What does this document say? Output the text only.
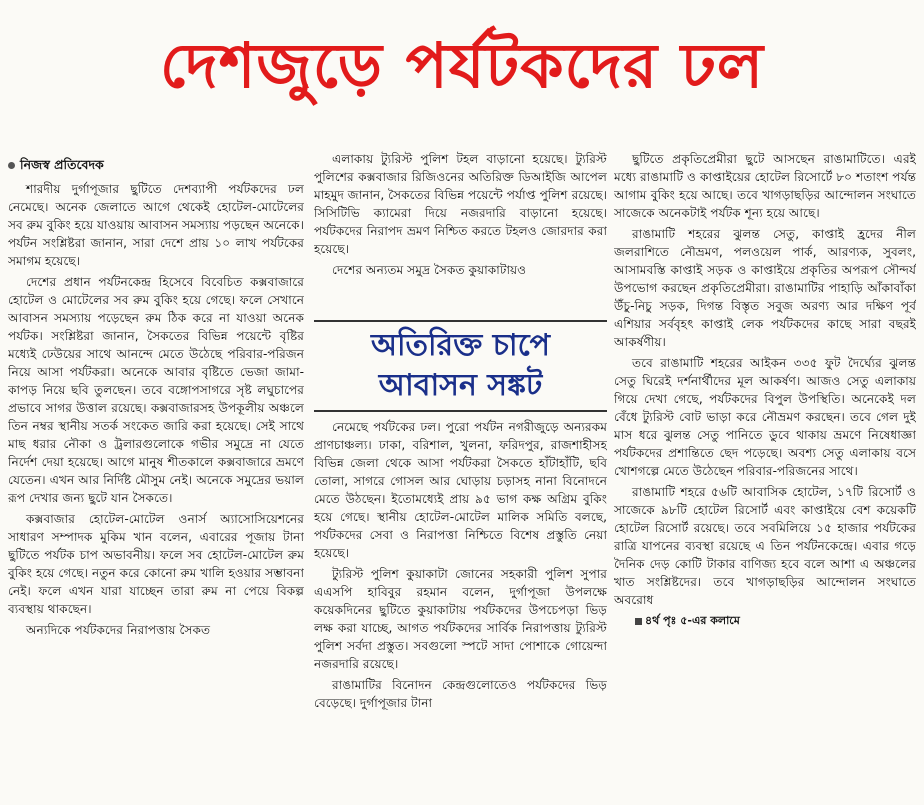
দেশজুড়ে পর্যটকদের ঢল
নিজস্ব প্রতিবেদক

শারদীয় দুর্গাপূজার ছুটিতে দেশব্যাপী পর্যটকদের ঢল নেমেছে। অনেক জেলাতে আগে থেকেই হোটেল-মোটেলের সব রুম বুকিং হয়ে যাওয়ায় আবাসন সমস্যায় পড়ছেন অনেকে। পর্যটন সংশ্লিষ্টরা জানান, সারা দেশে প্রায় ১০ লাখ পর্যটকের সমাগম হয়েছে।

দেশের প্রধান পর্যটনকেন্দ্র হিসেবে বিবেচিত কক্সবাজারে হোটেল ও মোটেলের সব রুম বুকিং হয়ে গেছে। ফলে সেখানে আবাসন সমস্যায় পড়েছেন রুম ঠিক করে না যাওয়া অনেক পর্যটক। সংশ্লিষ্টরা জানান, সৈকতের বিভিন্ন পয়েন্টে বৃষ্টির মধ্যেই ঢেউয়ের সাথে আনন্দে মেতে উঠেছে পরিবার-পরিজন নিয়ে আসা পর্যটকরা। অনেকে আবার বৃষ্টিতে ভেজা জামা-কাপড় নিয়ে ছবি তুলছেন। তবে বঙ্গোপসাগরে সৃষ্ট লঘুচাপের প্রভাবে সাগর উত্তাল রয়েছে। কক্সবাজারসহ উপকূলীয় অঞ্চলে তিন নম্বর স্থানীয় সতর্ক সংকেত জারি করা হয়েছে। সেই সাথে মাছ ধরার নৌকা ও ট্রলারগুলোকে গভীর সমুদ্রে না যেতে নির্দেশ দেয়া হয়েছে। আগে মানুষ শীতকালে কক্সবাজারে ভ্রমণে যেতেন। এখন আর নির্দিষ্ট মৌসুম নেই। অনেকে সমুদ্রের ভয়াল রূপ দেখার জন্য ছুটে যান সৈকতে।

কক্সবাজার হোটেল-মোটেল ওনার্স অ্যাসোসিয়েশনের সাধারণ সম্পাদক মুকিম খান বলেন, এবারের পূজায় টানা ছুটিতে পর্যটক চাপ অভাবনীয়। ফলে সব হোটেল-মোটেল রুম বুকিং হয়ে গেছে। নতুন করে কোনো রুম খালি হওয়ার সম্ভাবনা নেই। ফলে এখন যারা যাচ্ছেন তারা রুম না পেয়ে বিকল্প ব্যবস্থায় থাকছেন।

অন্যদিকে পর্যটকদের নিরাপত্তায় সৈকত

এলাকায় ট্যুরিস্ট পুলিশ টহল বাড়ানো হয়েছে। ট্যুরিস্ট পুলিশের কক্সবাজার রিজিওনের অতিরিক্ত ডিআইজি আপেল মাহমুদ জানান, সৈকতের বিভিন্ন পয়েন্টে পর্যাপ্ত পুলিশ রয়েছে। সিসিটিভি ক্যামেরা দিয়ে নজরদারি বাড়ানো হয়েছে। পর্যটকদের নিরাপদ ভ্রমণ নিশ্চিত করতে টহলও জোরদার করা হয়েছে।

দেশের অন্যতম সমুদ্র সৈকত কুয়াকাটায়ও

অতিরিক্ত চাপে
আবাসন সঙ্কট

নেমেছে পর্যটকের ঢল। পুরো পর্যটন নগরীজুড়ে অন্যরকম প্রাণচাঞ্চল্য। ঢাকা, বরিশাল, খুলনা, ফরিদপুর, রাজশাহীসহ বিভিন্ন জেলা থেকে আসা পর্যটকরা সৈকতে হাঁটাহাঁটি, ছবি তোলা, সাগরে গোসল আর ঘোড়ায় চড়াসহ নানা বিনোদনে মেতে উঠছেন। ইতোমধ্যেই প্রায় ৯৫ ভাগ কক্ষ অগ্রিম বুকিং হয়ে গেছে। স্থানীয় হোটেল-মোটেল মালিক সমিতি বলছে, পর্যটকদের সেবা ও নিরাপত্তা নিশ্চিতে বিশেষ প্রস্তুতি নেয়া হয়েছে।

ট্যুরিস্ট পুলিশ কুয়াকাটা জোনের সহকারী পুলিশ সুপার এএসপি হাবিবুর রহমান বলেন, দুর্গাপূজা উপলক্ষে কয়েকদিনের ছুটিতে কুয়াকাটায় পর্যটকদের উপচেপড়া ভিড় লক্ষ করা যাচ্ছে, আগত পর্যটকদের সার্বিক নিরাপত্তায় ট্যুরিস্ট পুলিশ সর্বদা প্রস্তুত। সবগুলো স্পটে সাদা পোশাকে গোয়েন্দা নজরদারি রয়েছে।

রাঙামাটির বিনোদন কেন্দ্রগুলোতেও পর্যটকদের ভিড় বেড়েছে। দুর্গাপূজার টানা

ছুটিতে প্রকৃতিপ্রেমীরা ছুটে আসছেন রাঙামাটিতে। এরই মধ্যে রাঙামাটি ও কাপ্তাইয়ের হোটেল রিসোর্টে ৮০ শতাংশ পর্যন্ত আগাম বুকিং হয়ে আছে। তবে খাগড়াছড়ির আন্দোলন সংঘাতে সাজেকে অনেকটাই পর্যটক শূন্য হয়ে আছে।

রাঙামাটি শহরের ঝুলন্ত সেতু, কাপ্তাই হ্রদের নীল জলরাশিতে নৌভ্রমণ, পলওয়েল পার্ক, আরণ্যক, সুবলং, আসামবস্তি কাপ্তাই সড়ক ও কাপ্তাইয়ে প্রকৃতির অপরূপ সৌন্দর্য উপভোগ করছেন প্রকৃতিপ্রেমীরা। রাঙামাটির পাহাড়ি আঁকাবাঁকা উঁচু-নিচু সড়ক, দিগন্ত বিস্তৃত সবুজ অরণ্য আর দক্ষিণ পূর্ব এশিয়ার সর্ববৃহৎ কাপ্তাই লেক পর্যটকদের কাছে সারা বছরই আকর্ষণীয়।

তবে রাঙামাটি শহরের আইকন ৩৩৫ ফুট দৈর্ঘ্যের ঝুলন্ত সেতু ঘিরেই দর্শনার্থীদের মূল আকর্ষণ। আজও সেতু এলাকায় গিয়ে দেখা গেছে, পর্যটকদের বিপুল উপস্থিতি। অনেকেই দল বেঁধে ট্যুরিস্ট বোট ভাড়া করে নৌভ্রমণ করছেন। তবে গেল দুই মাস ধরে ঝুলন্ত সেতু পানিতে ডুবে থাকায় ভ্রমণে নিষেধাজ্ঞা পর্যটকদের প্রশান্তিতে ছেদ পড়েছে। অবশ্য সেতু এলাকায় বসে খোশগল্পে মেতে উঠেছেন পরিবার-পরিজনের সাথে।

রাঙামাটি শহরে ৫৬টি আবাসিক হোটেল, ১৭টি রিসোর্ট ও সাজেকে ৯৮টি হোটেল রিসোর্ট এবং কাপ্তাইয়ে বেশ কয়েকটি হোটেল রিসোর্ট রয়েছে। তবে সবমিলিয়ে ১৫ হাজার পর্যটকের রাত্রি যাপনের ব্যবস্থা রয়েছে এ তিন পর্যটনকেন্দ্রে। এবার গড়ে দৈনিক দেড় কোটি টাকার বাণিজ্য হবে বলে আশা এ অঞ্চলের খাত সংশ্লিষ্টদের। তবে খাগড়াছড়ির আন্দোলন সংঘাতে অবরোধ

৪র্থ পৃঃ ৫-এর কলামে
